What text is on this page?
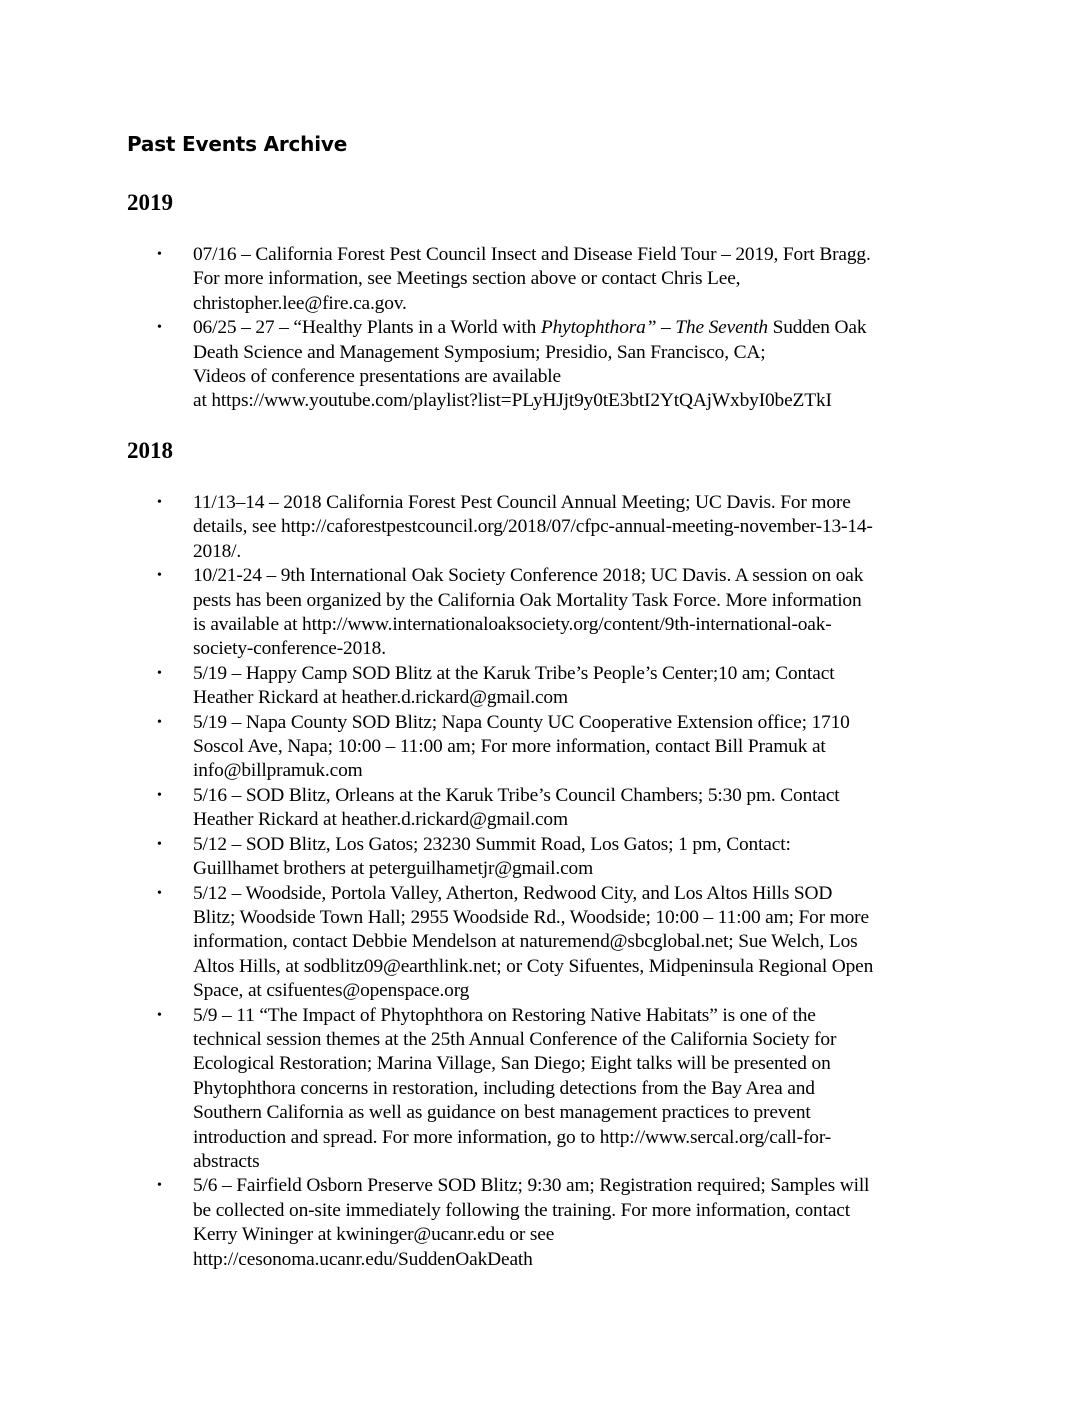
Past Events Archive
2019
• 07/16 – California Forest Pest Council Insect and Disease Field Tour – 2019, Fort Bragg.
For more information, see Meetings section above or contact Chris Lee,
christopher.lee@fire.ca.gov.
• 06/25 – 27 – “Healthy Plants in a World with Phytophthora” – The Seventh Sudden Oak
Death Science and Management Symposium; Presidio, San Francisco, CA;
Videos of conference presentations are available
at https://www.youtube.com/playlist?list=PLyHJjt9y0tE3btI2YtQAjWxbyI0beZTkI
2018
• 11/13–14 – 2018 California Forest Pest Council Annual Meeting; UC Davis. For more
details, see http://caforestpestcouncil.org/2018/07/cfpc-annual-meeting-november-13-14-
2018/.
• 10/21-24 – 9th International Oak Society Conference 2018; UC Davis. A session on oak
pests has been organized by the California Oak Mortality Task Force. More information
is available at http://www.internationaloaksociety.org/content/9th-international-oak-
society-conference-2018.
• 5/19 – Happy Camp SOD Blitz at the Karuk Tribe’s People’s Center;10 am; Contact
Heather Rickard at heather.d.rickard@gmail.com
• 5/19 – Napa County SOD Blitz; Napa County UC Cooperative Extension office; 1710
Soscol Ave, Napa; 10:00 – 11:00 am; For more information, contact Bill Pramuk at
info@billpramuk.com
• 5/16 – SOD Blitz, Orleans at the Karuk Tribe’s Council Chambers; 5:30 pm. Contact
Heather Rickard at heather.d.rickard@gmail.com
• 5/12 – SOD Blitz, Los Gatos; 23230 Summit Road, Los Gatos; 1 pm, Contact:
Guillhamet brothers at peterguilhametjr@gmail.com
• 5/12 – Woodside, Portola Valley, Atherton, Redwood City, and Los Altos Hills SOD
Blitz; Woodside Town Hall; 2955 Woodside Rd., Woodside; 10:00 – 11:00 am; For more
information, contact Debbie Mendelson at naturemend@sbcglobal.net; Sue Welch, Los
Altos Hills, at sodblitz09@earthlink.net; or Coty Sifuentes, Midpeninsula Regional Open
Space, at csifuentes@openspace.org
• 5/9 – 11 “The Impact of Phytophthora on Restoring Native Habitats” is one of the
technical session themes at the 25th Annual Conference of the California Society for
Ecological Restoration; Marina Village, San Diego; Eight talks will be presented on
Phytophthora concerns in restoration, including detections from the Bay Area and
Southern California as well as guidance on best management practices to prevent
introduction and spread. For more information, go to http://www.sercal.org/call-for-
abstracts
• 5/6 – Fairfield Osborn Preserve SOD Blitz; 9:30 am; Registration required; Samples will
be collected on-site immediately following the training. For more information, contact
Kerry Wininger at kwininger@ucanr.edu or see
http://cesonoma.ucanr.edu/SuddenOakDeath
